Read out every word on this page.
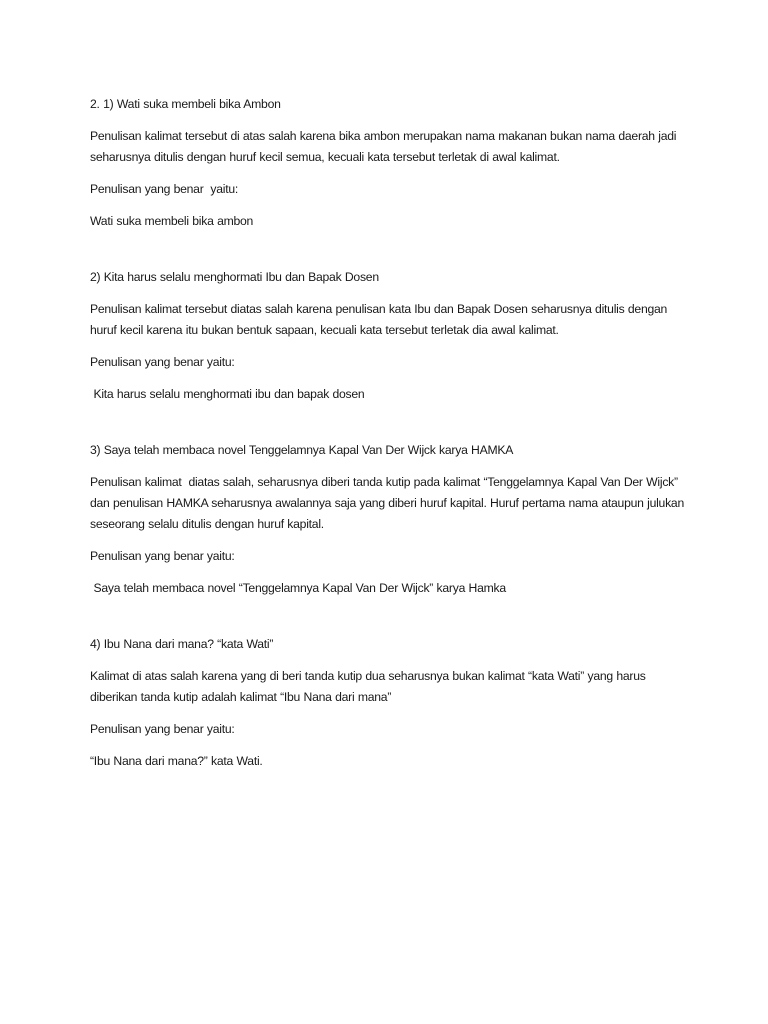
2. 1) Wati suka membeli bika Ambon

Penulisan kalimat tersebut di atas salah karena bika ambon merupakan nama makanan bukan nama daerah jadi seharusnya ditulis dengan huruf kecil semua, kecuali kata tersebut terletak di awal kalimat.

Penulisan yang benar  yaitu:

Wati suka membeli bika ambon

2) Kita harus selalu menghormati Ibu dan Bapak Dosen

Penulisan kalimat tersebut diatas salah karena penulisan kata Ibu dan Bapak Dosen seharusnya ditulis dengan huruf kecil karena itu bukan bentuk sapaan, kecuali kata tersebut terletak dia awal kalimat.

Penulisan yang benar yaitu:

Kita harus selalu menghormati ibu dan bapak dosen

3) Saya telah membaca novel Tenggelamnya Kapal Van Der Wijck karya HAMKA

Penulisan kalimat  diatas salah, seharusnya diberi tanda kutip pada kalimat “Tenggelamnya Kapal Van Der Wijck” dan penulisan HAMKA seharusnya awalannya saja yang diberi huruf kapital. Huruf pertama nama ataupun julukan seseorang selalu ditulis dengan huruf kapital.

Penulisan yang benar yaitu:

Saya telah membaca novel “Tenggelamnya Kapal Van Der Wijck” karya Hamka

4) Ibu Nana dari mana? “kata Wati”

Kalimat di atas salah karena yang di beri tanda kutip dua seharusnya bukan kalimat “kata Wati” yang harus diberikan tanda kutip adalah kalimat “Ibu Nana dari mana”

Penulisan yang benar yaitu:

“Ibu Nana dari mana?” kata Wati.
